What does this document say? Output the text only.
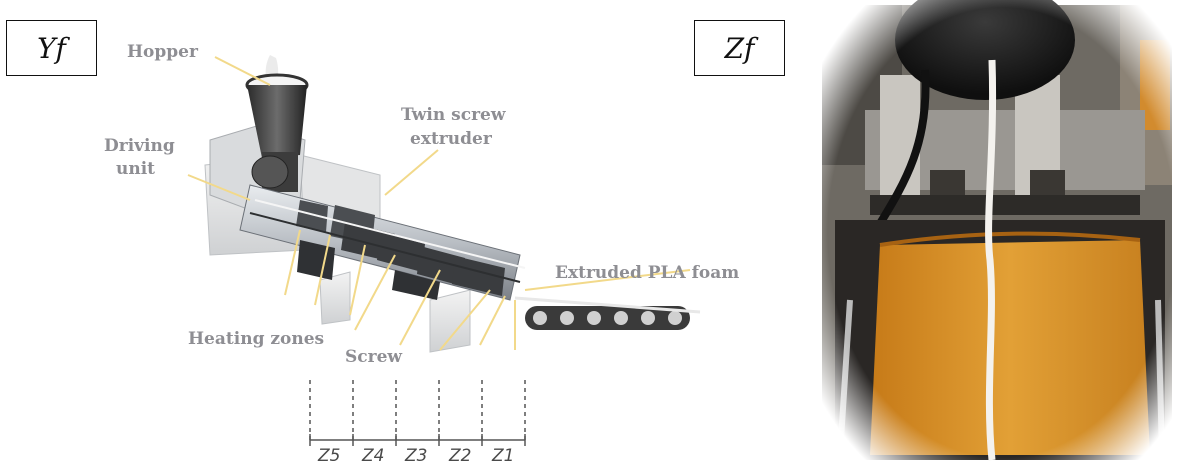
Yf	Zf
Hopper
Twin screw
extruder
Driving
unit
Extruded PLA foam
Heating zones
Screw
Z5 Z4 Z3 Z2 Z1
